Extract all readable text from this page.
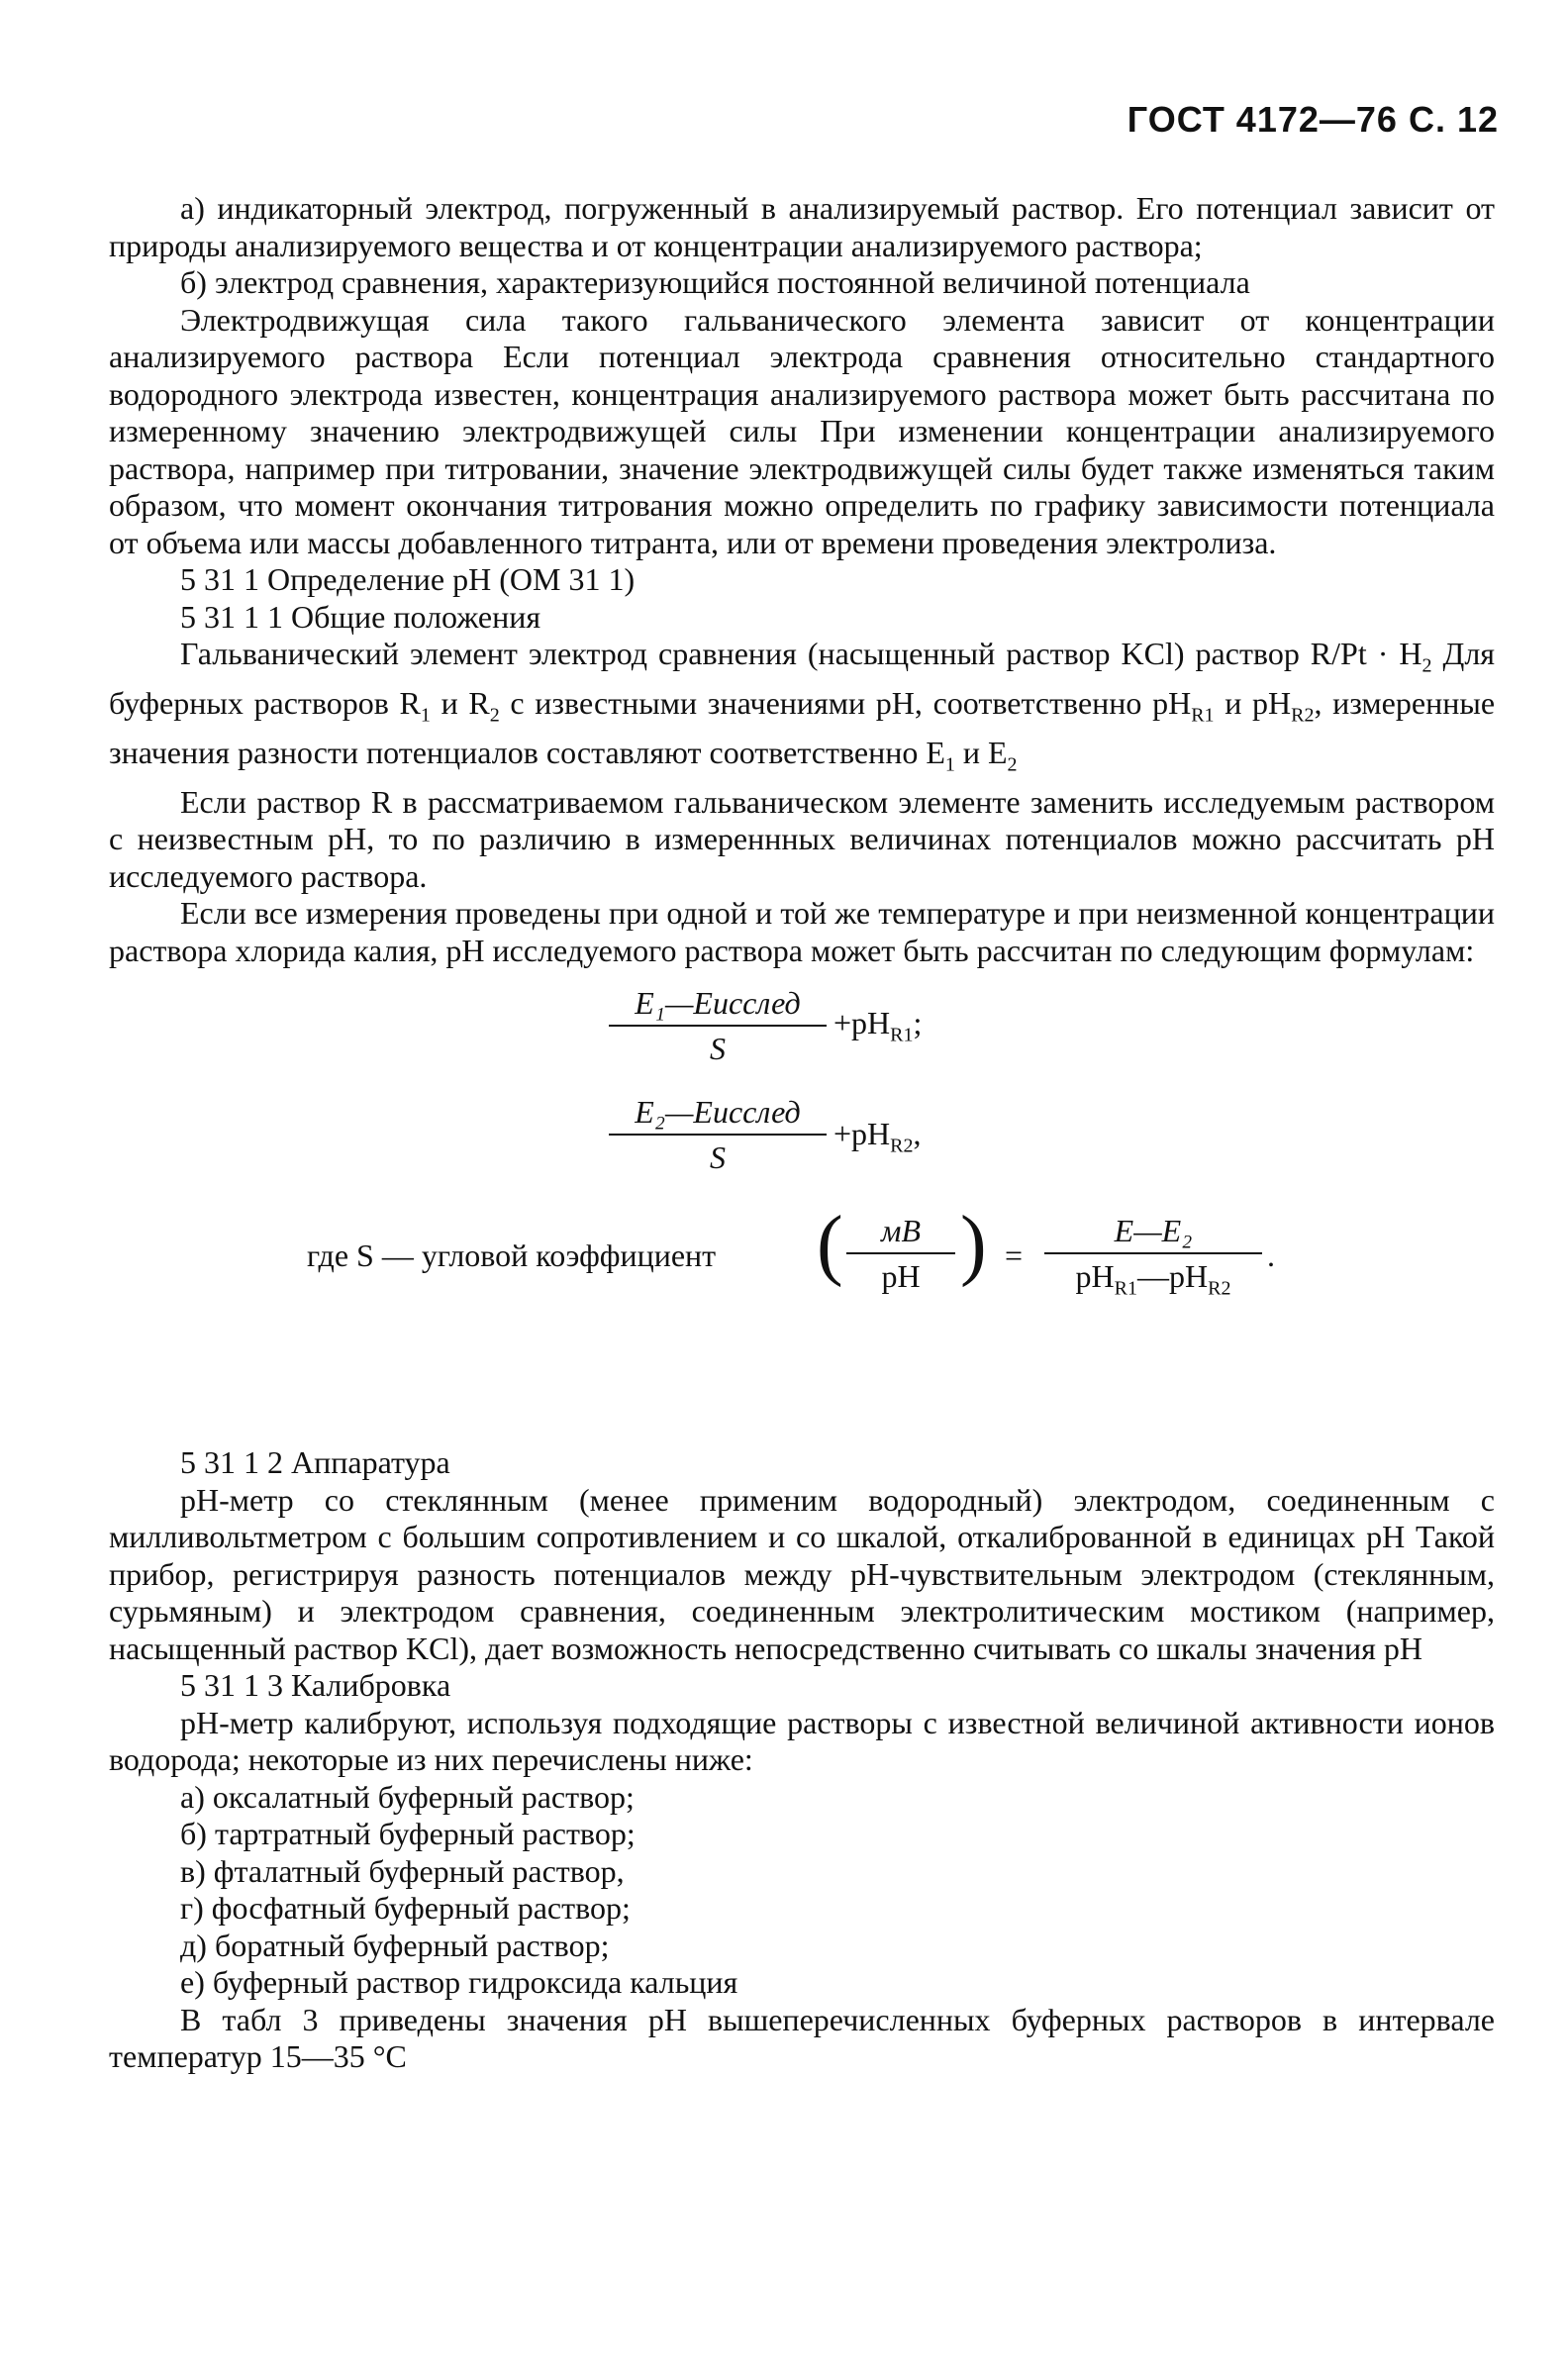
ГОСТ 4172—76 С. 12

а) индикаторный электрод, погруженный в анализируемый раствор. Его потенциал зависит от природы анализируемого вещества и от концентрации анализируемого раствора;

б) электрод сравнения, характеризующийся постоянной величиной потенциала

Электродвижущая сила такого гальванического элемента зависит от концентрации анализируемого раствора Если потенциал электрода сравнения относительно стандартного водородного электрода известен, концентрация анализируемого раствора может быть рассчитана по измеренному значению электродвижущей силы При изменении концентрации анализируемого раствора, например при титровании, значение электродвижущей силы будет также изменяться таким образом, что момент окончания титрования можно определить по графику зависимости потенциала от объема или массы добавленного титранта, или от времени проведения электролиза.

5 31 1 Определение pH (ОМ 31 1)

5 31 1 1 Общие положения

Гальванический элемент электрод сравнения (насыщенный раствор KCl) раствор $R/Pt \cdot H_2$ Для буферных растворов $R_1$ и $R_2$ с известными значениями pH, соответственно $pH_{R1}$ и $pH_{R2}$, измеренные значения разности потенциалов составляют соответственно $E_1$ и $E_2$

Если раствор R в рассматриваемом гальваническом элементе заменить исследуемым раствором с неизвестным pH, то по различию в измереннных величинах потенциалов можно рассчитать pH исследуемого раствора.

Если все измерения проведены при одной и той же температуре и при неизменной концентрации раствора хлорида калия, pH исследуемого раствора может быть рассчитан по следующим формулам:

E₁—Eисслед
S
$+pH_{R1}$;
E₂—Eисслед
S
$+pH_{R2}$,
где S — угловой коэффициент (	мВ
pH ) =
E—E₂
$pH_{R1}—pH_{R2}$
.

5 31 1 2 Аппаратура

pH-метр со стеклянным (менее применим водородный) электродом, соединенным с милливольтметром с большим сопротивлением и со шкалой, откалиброванной в единицах pH Такой прибор, регистрируя разность потенциалов между pH-чувствительным электродом (стеклянным, сурьмяным) и электродом сравнения, соединенным электролитическим мостиком (например, насыщенный раствор KCl), дает возможность непосредственно считывать со шкалы значения pH

5 31 1 3 Калибровка

pH-метр калибруют, используя подходящие растворы с известной величиной активности ионов водорода; некоторые из них перечислены ниже:

а) оксалатный буферный раствор;

б) тартратный буферный раствор;

в) фталатный буферный раствор,

г) фосфатный буферный раствор;

д) боратный буферный раствор;

е) буферный раствор гидроксида кальция

В табл 3 приведены значения pH вышеперечисленных буферных растворов в интервале температур 15—35 °C
